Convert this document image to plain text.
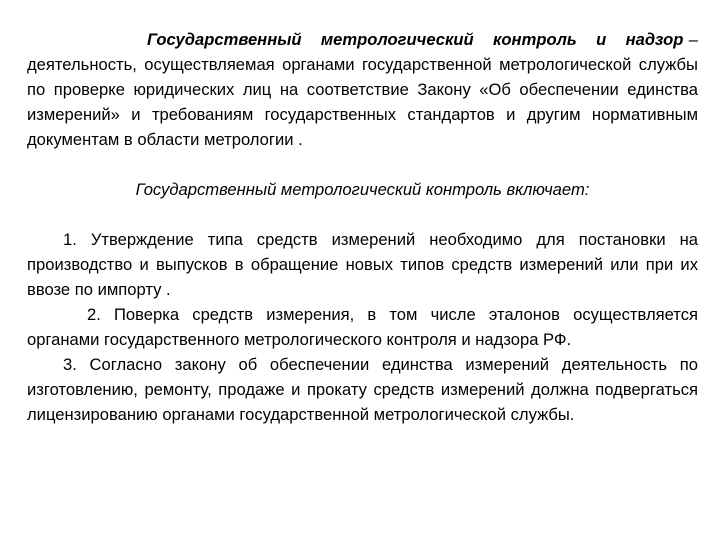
Государственный метрологический контроль и надзор – деятельность, осуществляемая органами государственной метрологической службы по проверке юридических лиц на соответствие Закону «Об обеспечении единства измерений» и требованиям государственных стандартов и другим нормативным документам в области метрологии .

Государственный метрологический контроль включает:

1. Утверждение типа средств измерений необходимо для постановки на производство и выпусков в обращение новых типов средств измерений или при их ввозе по импорту .

2. Поверка средств измерения, в том числе эталонов осуществляется органами государственного метрологического контроля и надзора РФ.

3. Согласно закону об обеспечении единства измерений деятельность по изготовлению, ремонту, продаже и прокату средств измерений должна подвергаться лицензированию органами государственной метрологической службы.
